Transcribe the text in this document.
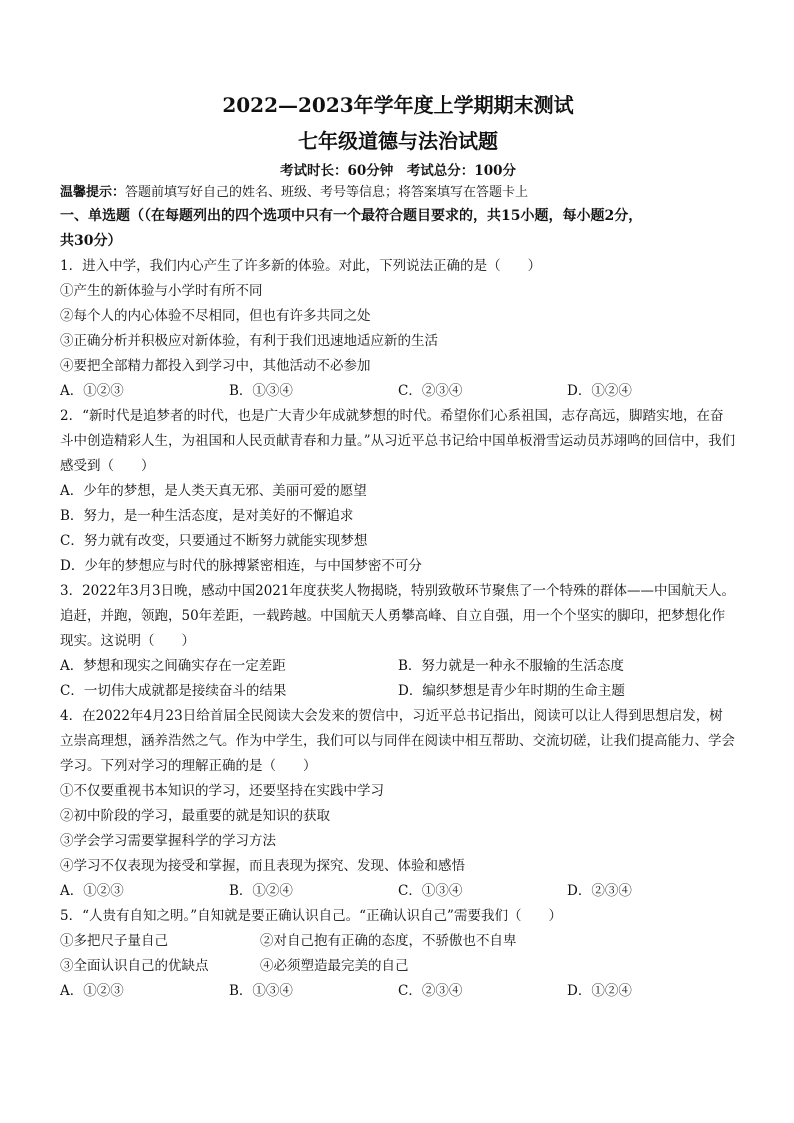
2022—2023年学年度上学期期末测试
七年级道德与法治试题
考试时长：60分钟　考试总分：100分
温馨提示：答题前填写好自己的姓名、班级、考号等信息；将答案填写在答题卡上
一、单选题（（在每题列出的四个选项中只有一个最符合题目要求的，共15小题，每小题2分，
共30分）
1．进入中学，我们内心产生了许多新的体验。对此，下列说法正确的是（　　）
①产生的新体验与小学时有所不同
②每个人的内心体验不尽相同，但也有许多共同之处
③正确分析并积极应对新体验，有利于我们迅速地适应新的生活
④要把全部精力都投入到学习中，其他活动不必参加
A．①②③	B．①③④	C．②③④	D．①②④
2．“新时代是追梦者的时代，也是广大青少年成就梦想的时代。希望你们心系祖国，志存高远，脚踏实地，在奋斗中创造精彩人生，为祖国和人民贡献青春和力量。”从习近平总书记给中国单板滑雪运动员苏翊鸣的回信中，我们感受到（　　）
A．少年的梦想，是人类天真无邪、美丽可爱的愿望
B．努力，是一种生活态度，是对美好的不懈追求
C．努力就有改变，只要通过不断努力就能实现梦想
D．少年的梦想应与时代的脉搏紧密相连，与中国梦密不可分
3．2022年3月3日晚，感动中国2021年度获奖人物揭晓，特别致敬环节聚焦了一个特殊的群体——中国航天人。追赶，并跑，领跑，50年差距，一载跨越。中国航天人勇攀高峰、自立自强，用一个个坚实的脚印，把梦想化作现实。这说明（　　）
A．梦想和现实之间确实存在一定差距	B．努力就是一种永不服输的生活态度
C．一切伟大成就都是接续奋斗的结果	D．编织梦想是青少年时期的生命主题
4．在2022年4月23日给首届全民阅读大会发来的贺信中，习近平总书记指出，阅读可以让人得到思想启发，树立崇高理想，涵养浩然之气。作为中学生，我们可以与同伴在阅读中相互帮助、交流切磋，让我们提高能力、学会学习。下列对学习的理解正确的是（　　）
①不仅要重视书本知识的学习，还要坚持在实践中学习
②初中阶段的学习，最重要的就是知识的获取
③学会学习需要掌握科学的学习方法
④学习不仅表现为接受和掌握，而且表现为探究、发现、体验和感悟
A．①②③	B．①②④	C．①③④	D．②③④
5．“人贵有自知之明。”自知就是要正确认识自己。“正确认识自己”需要我们（　　）
①多把尺子量自己	②对自己抱有正确的态度，不骄傲也不自卑
③全面认识自己的优缺点	④必须塑造最完美的自己
A．①②③	B．①③④	C．②③④	D．①②④
